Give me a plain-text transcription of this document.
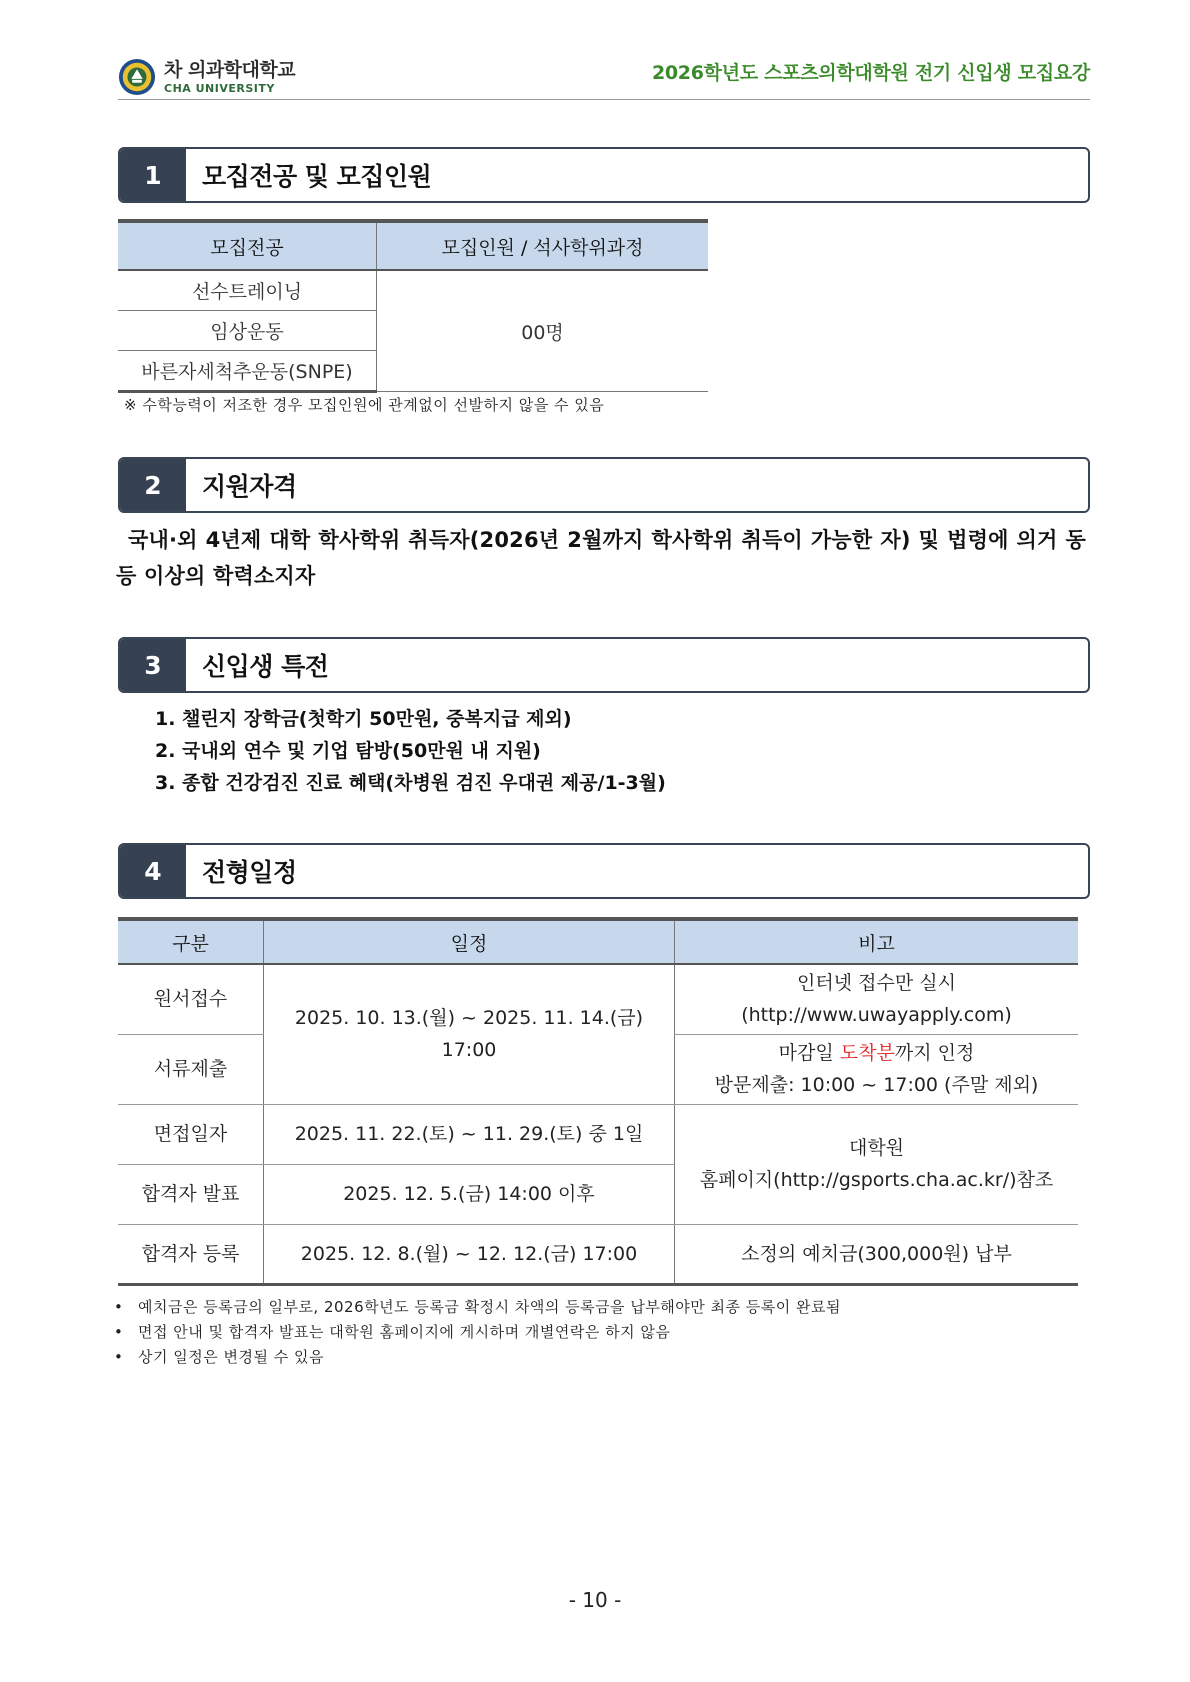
차 의과학대학교
CHA UNIVERSITY
2026학년도 스포츠의학대학원 전기 신입생 모집요강
1	모집전공 및 모집인원
모집전공	모집인원 / 석사학위과정
선수트레이닝	00명
임상운동	
바른자세척추운동(SNPE)	
※ 수학능력이 저조한 경우 모집인원에 관계없이 선발하지 않을 수 있음
2	지원자격
국내·외 4년제 대학 학사학위 취득자(2026년 2월까지 학사학위 취득이 가능한 자) 및 법령에 의거 동등 이상의 학력소지자
3	신입생 특전
1. 챌린지 장학금(첫학기 50만원, 중복지급 제외)
2. 국내외 연수 및 기업 탐방(50만원 내 지원)
3. 종합 건강검진 진료 혜택(차병원 검진 우대권 제공/1-3월)
4	전형일정
구분	일정	비고
원서접수	2025. 10. 13.(월) ~ 2025. 11. 14.(금) 17:00	인터넷 접수만 실시
(http://www.uwayapply.com)

서류제출		마감일 도착분까지 인정
방문제출: 10:00 ~ 17:00 (주말 제외)

면접일자	2025. 11. 22.(토) ~ 11. 29.(토) 중 1일	대학원
홈페이지(http://gsports.cha.ac.kr/)참조

합격자 발표	2025. 12. 5.(금) 14:00 이후	
합격자 등록	2025. 12. 8.(월) ~ 12. 12.(금) 17:00	소정의 예치금(300,000원) 납부
• 예치금은 등록금의 일부로, 2026학년도 등록금 확정시 차액의 등록금을 납부해야만 최종 등록이 완료됨
• 면접 안내 및 합격자 발표는 대학원 홈페이지에 게시하며 개별연락은 하지 않음
• 상기 일정은 변경될 수 있음
- 10 -
